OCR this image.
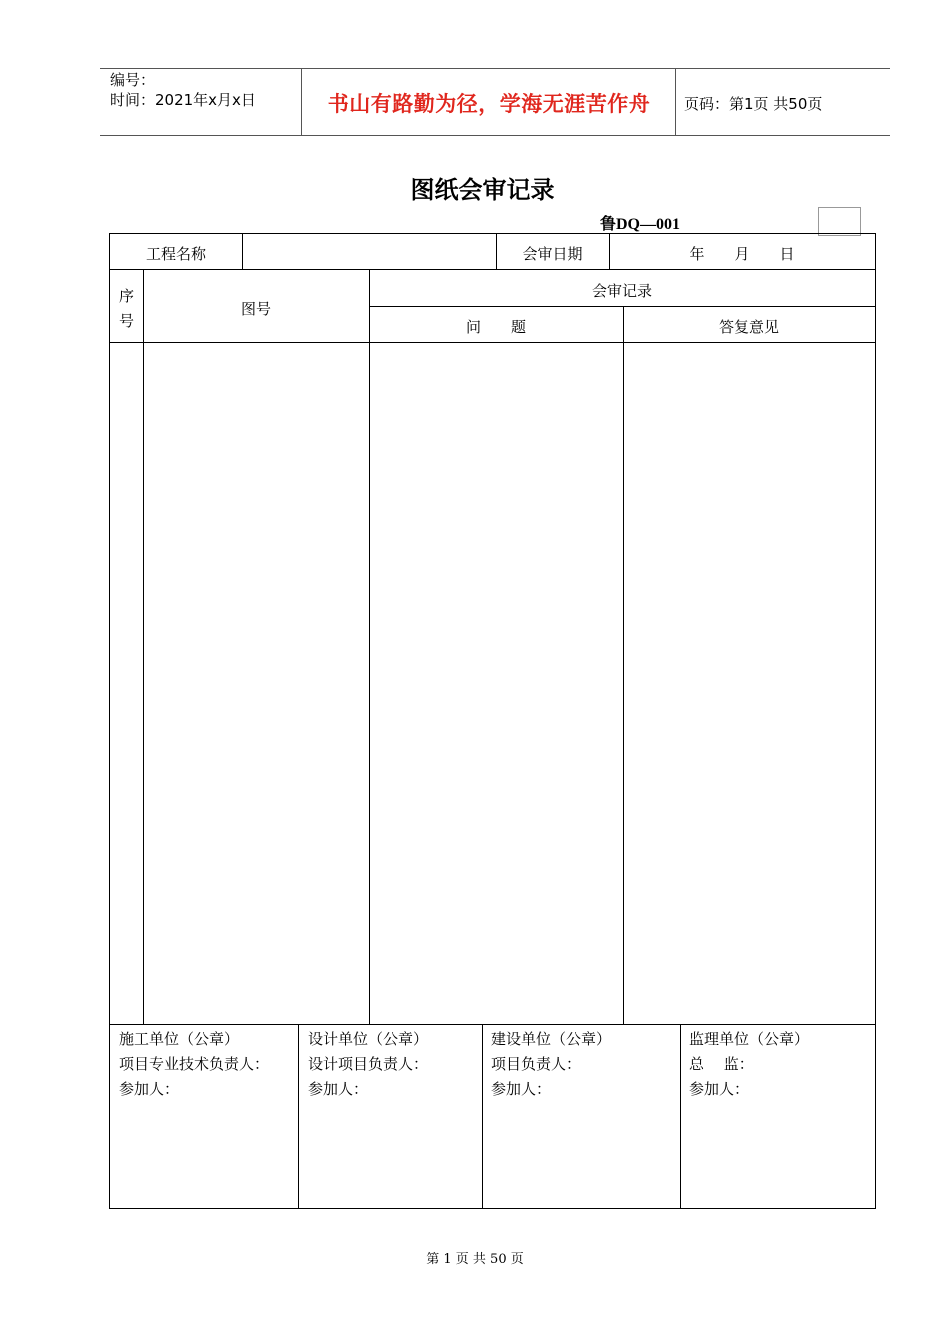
编号：
时间：2021年x月x日	书山有路勤为径，学海无涯苦作舟	页码：第1页 共50页
图纸会审记录
鲁DQ—001
工程名称	会审日期	年　　月　　日
序
号
图号
会审记录
问　　题	答复意见
施工单位（公章）
项目专业技术负责人：
参加人：
设计单位（公章）
设计项目负责人：
参加人：
建设单位（公章）
项目负责人：
参加人：
监理单位（公章）
总　 监：
参加人：
第 1 页 共 50 页
